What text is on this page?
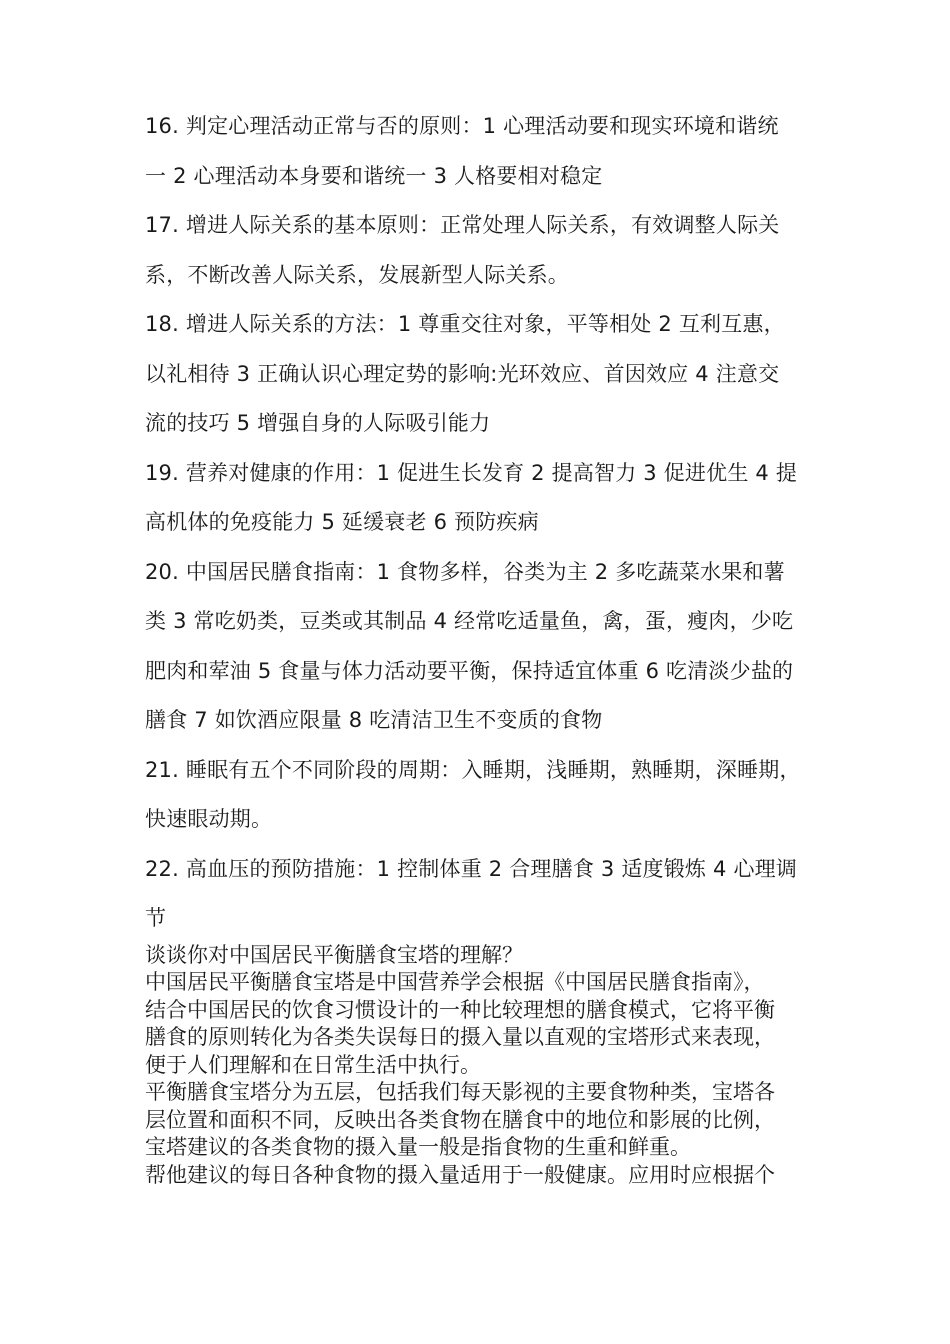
16. 判定心理活动正常与否的原则：1 心理活动要和现实环境和谐统
一 2 心理活动本身要和谐统一 3 人格要相对稳定
17. 增进人际关系的基本原则：正常处理人际关系，有效调整人际关
系，不断改善人际关系，发展新型人际关系。
18. 增进人际关系的方法：1 尊重交往对象，平等相处 2 互利互惠，
以礼相待 3 正确认识心理定势的影响:光环效应、首因效应 4 注意交
流的技巧 5 增强自身的人际吸引能力
19. 营养对健康的作用：1 促进生长发育 2 提高智力 3 促进优生 4 提
高机体的免疫能力 5 延缓衰老 6 预防疾病
20. 中国居民膳食指南：1 食物多样，谷类为主 2 多吃蔬菜水果和薯
类 3 常吃奶类，豆类或其制品 4 经常吃适量鱼，禽，蛋，瘦肉，少吃
肥肉和荤油 5 食量与体力活动要平衡，保持适宜体重 6 吃清淡少盐的
膳食 7 如饮酒应限量 8 吃清洁卫生不变质的食物
21. 睡眠有五个不同阶段的周期：入睡期，浅睡期，熟睡期，深睡期，
快速眼动期。
22. 高血压的预防措施：1 控制体重 2 合理膳食 3 适度锻炼 4 心理调
节
谈谈你对中国居民平衡膳食宝塔的理解？
中国居民平衡膳食宝塔是中国营养学会根据《中国居民膳食指南》，
结合中国居民的饮食习惯设计的一种比较理想的膳食模式，它将平衡
膳食的原则转化为各类失误每日的摄入量以直观的宝塔形式来表现，
便于人们理解和在日常生活中执行。
平衡膳食宝塔分为五层，包括我们每天影视的主要食物种类，宝塔各
层位置和面积不同，反映出各类食物在膳食中的地位和影展的比例，
宝塔建议的各类食物的摄入量一般是指食物的生重和鲜重。
帮他建议的每日各种食物的摄入量适用于一般健康。应用时应根据个
